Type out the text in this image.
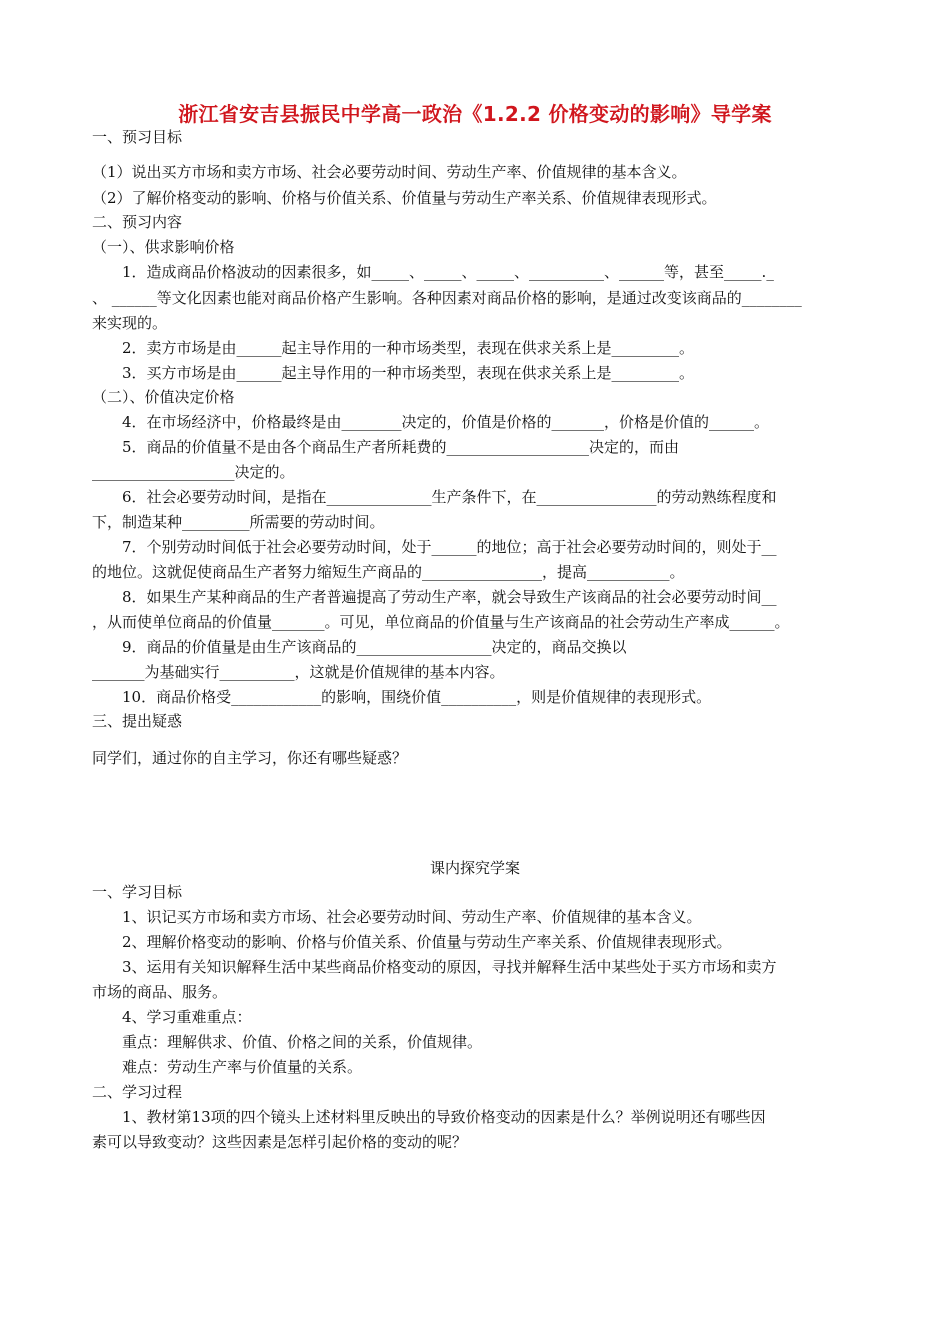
浙江省安吉县振民中学高一政治《1.2.2 价格变动的影响》导学案
一、预习目标
（1）说出买方市场和卖方市场、社会必要劳动时间、劳动生产率、价值规律的基本含义。
（2）了解价格变动的影响、价格与价值关系、价值量与劳动生产率关系、价值规律表现形式。
二、预习内容
（一）、供求影响价格
1．造成商品价格波动的因素很多，如_____、_____、_____、__________、______等，甚至_____._
、 ______等文化因素也能对商品价格产生影响。各种因素对商品价格的影响，是通过改变该商品的________
来实现的。
2．卖方市场是由______起主导作用的一种市场类型，表现在供求关系上是_________。
3．买方市场是由______起主导作用的一种市场类型，表现在供求关系上是_________。
（二）、价值决定价格
4．在市场经济中，价格最终是由________决定的，价值是价格的_______，价格是价值的______。
5．商品的价值量不是由各个商品生产者所耗费的___________________决定的，而由
___________________决定的。
6．社会必要劳动时间，是指在______________生产条件下，在________________的劳动熟练程度和
下，制造某种_________所需要的劳动时间。
7．个别劳动时间低于社会必要劳动时间，处于______的地位；高于社会必要劳动时间的，则处于__
的地位。这就促使商品生产者努力缩短生产商品的________________，提高___________。
8．如果生产某种商品的生产者普遍提高了劳动生产率，就会导致生产该商品的社会必要劳动时间__
，从而使单位商品的价值量_______。可见，单位商品的价值量与生产该商品的社会劳动生产率成______。
9．商品的价值量是由生产该商品的__________________决定的，商品交换以
_______为基础实行__________，这就是价值规律的基本内容。
10．商品价格受____________的影响，围绕价值__________，则是价值规律的表现形式。
三、提出疑惑
同学们，通过你的自主学习，你还有哪些疑惑？
课内探究学案
一、学习目标
1、识记买方市场和卖方市场、社会必要劳动时间、劳动生产率、价值规律的基本含义。
2、理解价格变动的影响、价格与价值关系、价值量与劳动生产率关系、价值规律表现形式。
3、运用有关知识解释生活中某些商品价格变动的原因，寻找并解释生活中某些处于买方市场和卖方
市场的商品、服务。
4、学习重难重点：
重点：理解供求、价值、价格之间的关系，价值规律。
难点：劳动生产率与价值量的关系。
二、学习过程
1、教材第13项的四个镜头上述材料里反映出的导致价格变动的因素是什么？举例说明还有哪些因
素可以导致变动？这些因素是怎样引起价格的变动的呢？
